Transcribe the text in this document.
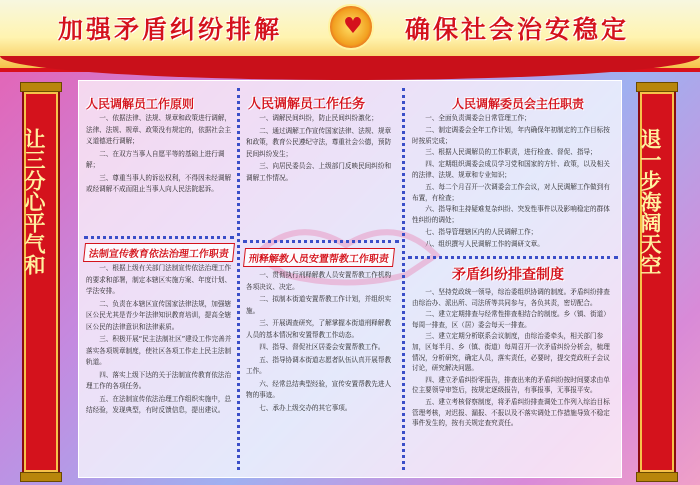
加强矛盾纠纷排解	♥ 确保社会治安稳定
让三分心平气和	退一步海阔天空
人民调解员工作原则

一、依据法律、法规、规章和政策进行调解，法律、法规、规章、政策没有规定的，依据社会主义道德进行调解；

二、在双方当事人自愿平等的基础上进行调解；

三、尊重当事人的诉讼权利，不得因未经调解或经调解不成而阻止当事人向人民法院起诉。

法制宣传教育依法治理工作职责

一、根据上级有关部门法制宣传依法治理工作的要求和部署，制定本辖区实施方案、年度计划、学法安排。

二、负责在本辖区宣传国家法律法规，加强辖区公民尤其是青少年法律知识教育培训，提高全辖区公民的法律意识和法律素质。

三、积极开展“民主法制社区”建设工作完善并落实各项规章制度，使社区各项工作走上民主法制轨道。

四、落实上级下达的关于法制宣传教育依法治理工作的各项任务。

五、在法制宣传依法治理工作组织实施中，总结经验，发现典型，有时反馈信息，提出建议。

人民调解员工作任务

一、调解民间纠纷，防止民间纠纷激化；

二、通过调解工作宣传国家法律、法规、规章和政策，教育公民遵纪守法，尊重社会公德，预防民间纠纷发生；

三、向居民委员会、上级部门反映民间纠纷和调解工作情况。

刑释解教人员安置帮教工作职责

一、贯彻执行刑释解教人员安置帮教工作机构各项决议、决定。

二、拟制本街道安置帮教工作计划，并组织实施。

三、开展调查研究，了解掌握本街道刑释解教人员的基本情况和安置帮教工作动态。

四、指导、督促社区居委会安置帮教工作。

五、指导协调本街道志愿者队伍认真开展帮教工作。

六、经常总结典型经验，宣传安置帮教先进人物的事迹。

七、承办上级交办的其它事项。

人民调解委员会主任职责

一、全面负责调委会日常管理工作；

二、制定调委会全年工作计划，年内确保年初制定的工作目标按时按质完成；

三、根据人民调解员的工作职责，进行检查、督促、指导；

四、定期组织调委会成员学习党和国家的方针、政策，以及相关的法律、法规、规章和专业知识；

五、每二个月召开一次调委会工作会议，对人民调解工作做到有布置，有检查；

六、指导和主持疑难复杂纠纷、突发性事件以及影响稳定的群体性纠纷的调处；

七、指导管理辖区内的人民调解工作；

八、组织撰写人民调解工作的调研文章。

矛盾纠纷排查制度

一、坚持党政统一领导，综治委组织协调的制度。矛盾纠纷排查由综治办、派出所、司法所等共同参与，各负其责，密切配合。

二、建立定期排查与经常性排查相结合的制度。乡（镇、街道）每周一排查，区（居）委会每天一排查。

三、建立定期分析联系会议制度，由综治委牵头，相关部门参加，区每半月、乡（镇、街道）每周召开一次矛盾纠纷分析会，梳理情况，分析研究，确定人员，落实责任，必要时，提交党政班子会议讨论，研究解决问题。

四、建立矛盾纠纷零报告，排查出来的矛盾纠纷按时间要求由单位主要领导审签后，按规定逐级报告，有事报事，无事报平安。

五、建立考核督察制度，将矛盾纠纷排查调处工作列入综治目标管理考核，对迟报、漏报、不报以及不落实调处工作措施导致不稳定事件发生的，按有关规定查究责任。
